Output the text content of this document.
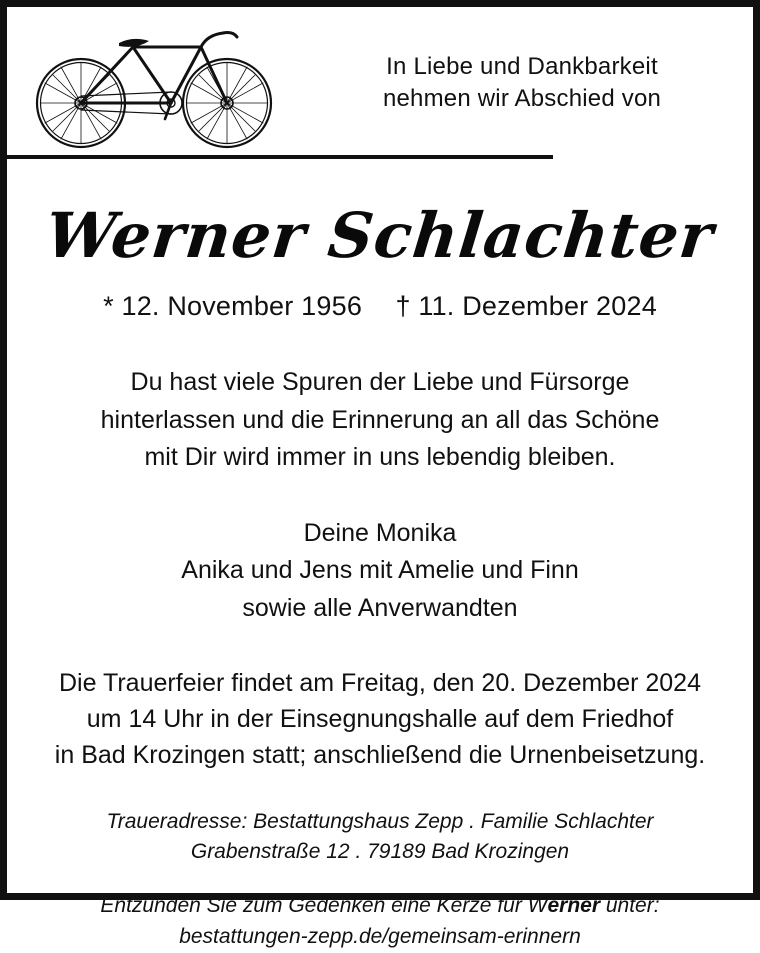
In Liebe und Dankbarkeit
nehmen wir Abschied von
Werner Schlachter
* 12. November 1956 † 11. Dezember 2024
Du hast viele Spuren der Liebe und Fürsorge
hinterlassen und die Erinnerung an all das Schöne
mit Dir wird immer in uns lebendig bleiben.
Deine Monika
Anika und Jens mit Amelie und Finn
sowie alle Anverwandten
Die Trauerfeier findet am Freitag, den 20. Dezember 2024
um 14 Uhr in der Einsegnungshalle auf dem Friedhof
in Bad Krozingen statt; anschließend die Urnenbeisetzung.
Traueradresse: Bestattungshaus Zepp . Familie Schlachter
Grabenstraße 12 . 79189 Bad Krozingen
Entzünden Sie zum Gedenken eine Kerze für Werner unter:
bestattungen-zepp.de/gemeinsam-erinnern
